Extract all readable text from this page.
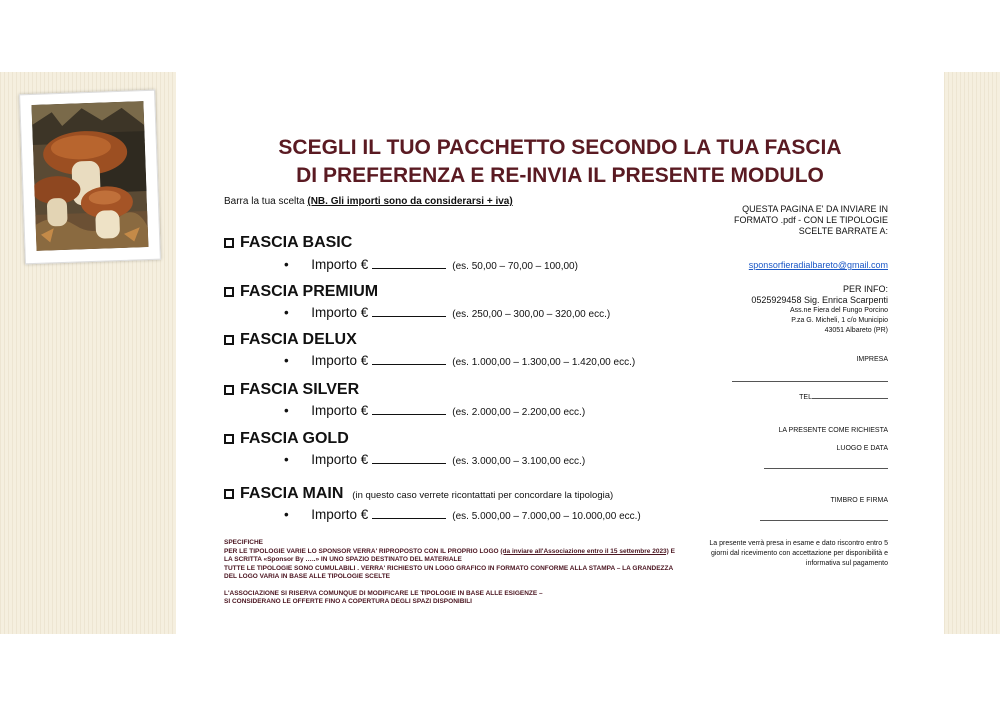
SCEGLI IL TUO PACCHETTO SECONDO LA TUA FASCIA
DI PREFERENZA E RE-INVIA IL PRESENTE MODULO
Barra la tua scelta (NB. Gli importi sono da considerarsi + iva)
FASCIA BASIC
• Importo €	(es. 50,00 – 70,00 – 100,00)
FASCIA PREMIUM
• Importo €	(es. 250,00 – 300,00 – 320,00 ecc.)
FASCIA DELUX
• Importo €	(es. 1.000,00 – 1.300,00 – 1.420,00 ecc.)
FASCIA SILVER
• Importo €	(es. 2.000,00 – 2.200,00 ecc.)
FASCIA GOLD
• Importo €	(es. 3.000,00 – 3.100,00 ecc.)
FASCIA MAIN (in questo caso verrete ricontattati per concordare la tipologia)
• Importo €	(es. 5.000,00 – 7.000,00 – 10.000,00 ecc.)
SPECIFICHE
PER LE TIPOLOGIE VARIE LO SPONSOR VERRA' RIPROPOSTO CON IL PROPRIO LOGO (da inviare all'Associazione entro il 15 settembre 2023) E
LA SCRITTA «Sponsor By …..» IN UNO SPAZIO DESTINATO DEL MATERIALE
TUTTE LE TIPOLOGIE SONO CUMULABILI . VERRA' RICHIESTO UN LOGO GRAFICO IN FORMATO CONFORME ALLA STAMPA – LA GRANDEZZA
DEL LOGO VARIA IN BASE ALLE TIPOLOGIE SCELTE
L'ASSOCIAZIONE SI RISERVA COMUNQUE DI MODIFICARE LE TIPOLOGIE IN BASE ALLE ESIGENZE –
SI CONSIDERANO LE OFFERTE FINO A COPERTURA DEGLI SPAZI DISPONIBILI
QUESTA PAGINA E' DA INVIARE IN
FORMATO .pdf - CON LE TIPOLOGIE
SCELTE BARRATE A:
sponsorfieradialbareto@gmail.com
PER INFO:
0525929458 Sig. Enrica Scarpenti
Ass.ne Fiera del Fungo Porcino
P.za G. Micheli, 1 c/o Municipio
43051 Albareto (PR)
IMPRESA
TEL
LA PRESENTE COME RICHIESTA
LUOGO E DATA
TIMBRO E FIRMA
La presente verrà presa in esame e dato riscontro entro 5
giorni dal ricevimento con accettazione per disponibilità e
informativa sul pagamento
